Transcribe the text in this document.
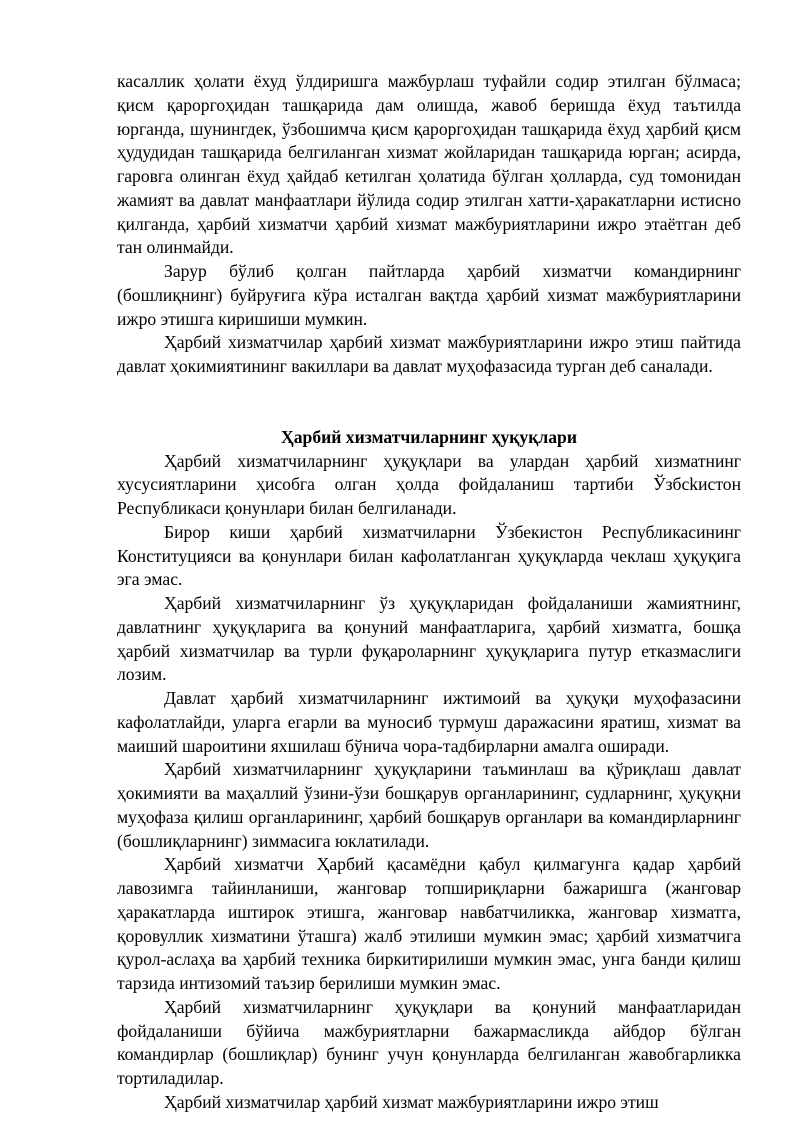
касаллик ҳолати ёхуд ўлдиришга мажбурлаш туфайли содир этилган бўлмаса; қисм қароргоҳидан ташқарида дам олишда, жавоб беришда ёхуд таътилда юрганда, шунингдек, ўзбошимча қисм қароргоҳидан ташқарида ёхуд ҳарбий қисм ҳудудидан ташқарида белгиланган хизмат жойларидан ташқарида юрган; асирда, гаровга олинган ёхуд ҳайдаб кетилган ҳолатида бўлган ҳолларда, суд томонидан жамият ва давлат манфаатлари йўлида содир этилган хатти-ҳаракатларни истисно қилганда, ҳарбий хизматчи ҳарбий хизмат мажбуриятларини ижро этаётган деб тан олинмайди.

Зарур бўлиб қолган пайтларда ҳарбий хизматчи командирнинг (бошлиқнинг) буйруғига кўра исталган вақтда ҳарбий хизмат мажбуриятларини ижро этишга киришиши мумкин.

Ҳарбий хизматчилар ҳарбий хизмат мажбуриятларини ижро этиш пайтида давлат ҳокимиятининг вакиллари ва давлат муҳофазасида турган деб саналади.

Ҳарбий хизматчиларнинг ҳуқуқлари

Ҳарбий хизматчиларнинг ҳуқуқлари ва улардан ҳарбий хизматнинг хусусиятларини ҳисобга олган ҳолда фойдаланиш тартиби Ўзбсkистон Республикаси қонунлари билан белгиланади.

Бирор киши ҳарбий хизматчиларни Ўзбекистон Республикасининг Конституцияси ва қонунлари билан кафолатланган ҳуқуқларда чеклаш ҳуқуқига эга эмас.

Ҳарбий хизматчиларнинг ўз ҳуқуқларидан фойдаланиши жамиятнинг, давлатнинг ҳуқуқларига ва қонуний манфаатларига, ҳарбий хизматга, бошқа ҳарбий хизматчилар ва турли фуқароларнинг ҳуқуқларига путур етказмаслиги лозим.

Давлат ҳарбий хизматчиларнинг ижтимоий ва ҳуқуқи муҳофазасини кафолатлайди, уларга егарли ва муносиб турмуш даражасини яратиш, хизмат ва маиший шароитини яхшилаш бўнича чора-тадбирларни амалга оширади.

Ҳарбий хизматчиларнинг ҳуқуқларини таъминлаш ва қўриқлаш давлат ҳокимияти ва маҳаллий ўзини-ўзи бошқарув органларининг, судларнинг, ҳуқуқни муҳофаза қилиш органларининг, ҳарбий бошқарув органлари ва командирларнинг (бошлиқларнинг) зиммасига юклатилади.

Ҳарбий хизматчи Ҳарбий қасамёдни қабул қилмагунга қадар ҳарбий лавозимга тайинланиши, жанговар топшириқларни бажаришга (жанговар ҳаракатларда иштирок этишга, жанговар навбатчиликка, жанговар хизматга, қоровуллик хизматини ўташга) жалб этилиши мумкин эмас; ҳарбий хизматчига қурол-аслаҳа ва ҳарбий техника биркитирилиши мумкин эмас, унга банди қилиш тарзида интизомий таъзир берилиши мумкин эмас.

Ҳарбий хизматчиларнинг ҳуқуқлари ва қонуний манфаатларидан фойдаланиши бўйича мажбуриятларни бажармасликда айбдор бўлган командирлар (бошлиқлар) бунинг учун қонунларда белгиланган жавобгарликка тортиладилар.

Ҳарбий хизматчилар ҳарбий хизмат мажбуриятларини ижро этиш
